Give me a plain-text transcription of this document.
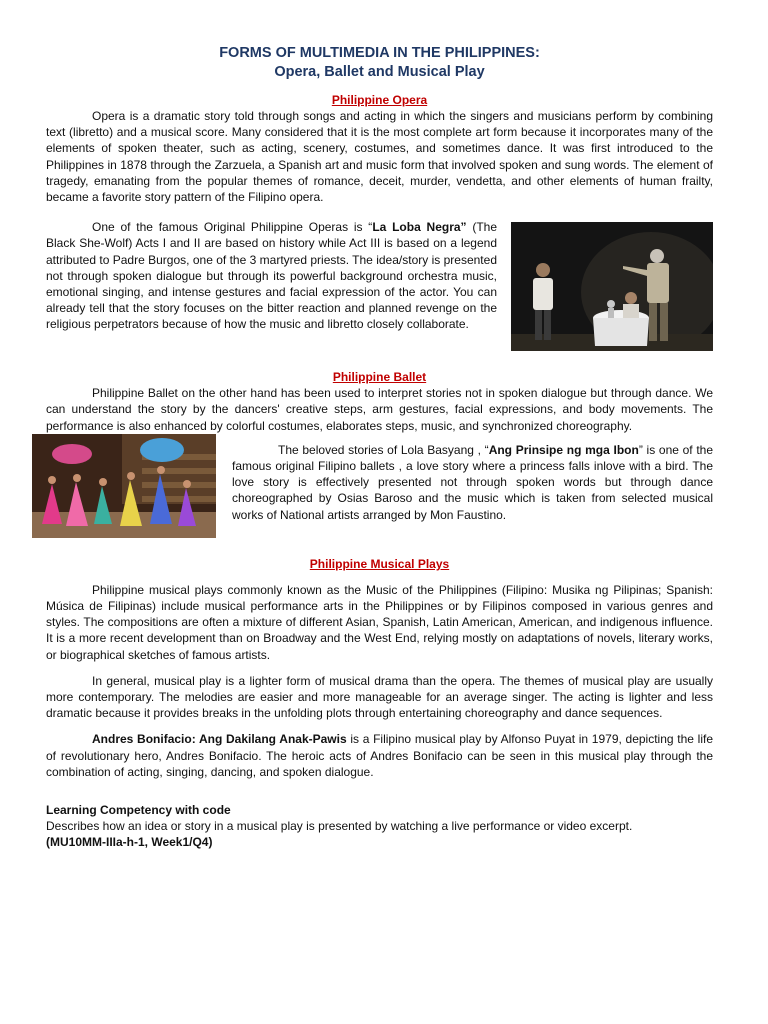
FORMS OF MULTIMEDIA IN THE PHILIPPINES:

Opera, Ballet and Musical Play

Philippine Opera

Opera is a dramatic story told through songs and acting in which the singers and musicians perform by combining text (libretto) and a musical score. Many considered that it is the most complete art form because it incorporates many of the elements of spoken theater, such as acting, scenery, costumes, and sometimes dance. It was first introduced to the Philippines in 1878 through the Zarzuela, a Spanish art and music form that involved spoken and sung words. The element of tragedy, emanating from the popular themes of romance, deceit, murder, vendetta, and other elements of human frailty, became a favorite story pattern of the Filipino opera.

One of the famous Original Philippine Operas is “La Loba Negra” (The Black She-Wolf) Acts I and II are based on history while Act III is based on a legend attributed to Padre Burgos, one of the 3 martyred priests. The idea/story is presented not through spoken dialogue but through its powerful background orchestra music, emotional singing, and intense gestures and facial expression of the actor. You can already tell that the story focuses on the bitter reaction and planned revenge on the religious perpetrators because of how the music and libretto closely collaborate.

Philippine Ballet

Philippine Ballet on the other hand has been used to interpret stories not in spoken dialogue but through dance. We can understand the story by the dancers' creative steps, arm gestures, facial expressions, and body movements. The performance is also enhanced by colorful costumes, elaborates steps, music, and synchronized choreography.

The beloved stories of Lola Basyang , “Ang Prinsipe ng mga Ibon” is one of the famous original Filipino ballets , a love story where a princess falls inlove with a bird. The love story is effectively presented not through spoken words but through dance choreographed by Osias Baroso and the music which is taken from selected musical works of National artists arranged by Mon Faustino.

Philippine Musical Plays

Philippine musical plays commonly known as the Music of the Philippines (Filipino: Musika ng Pilipinas; Spanish: Música de Filipinas) include musical performance arts in the Philippines or by Filipinos composed in various genres and styles. The compositions are often a mixture of different Asian, Spanish, Latin American, American, and indigenous influence. It is a more recent development than on Broadway and the West End, relying mostly on adaptations of novels, literary works, or biographical sketches of famous artists.

In general, musical play is a lighter form of musical drama than the opera. The themes of musical play are usually more contemporary. The melodies are easier and more manageable for an average singer. The acting is lighter and less dramatic because it provides breaks in the unfolding plots through entertaining choreography and dance sequences.

Andres Bonifacio: Ang Dakilang Anak-Pawis is a Filipino musical play by Alfonso Puyat in 1979, depicting the life of revolutionary hero, Andres Bonifacio. The heroic acts of Andres Bonifacio can be seen in this musical play through the combination of acting, singing, dancing, and spoken dialogue.

Learning Competency with code

Describes how an idea or story in a musical play is presented by watching a live performance or video excerpt.

(MU10MM-IIIa-h-1, Week1/Q4)
